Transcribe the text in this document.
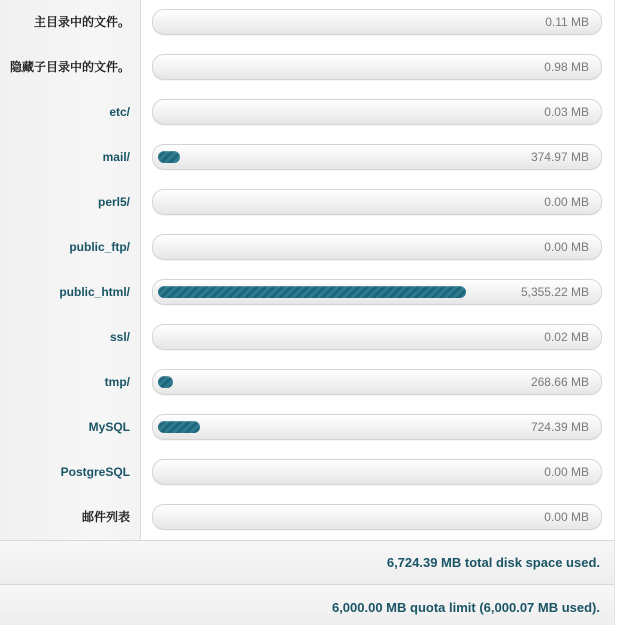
主目录中的文件。	0.11 MB
隐藏子目录中的文件。	0.98 MB
etc/	0.03 MB
mail/	374.97 MB
perl5/	0.00 MB
public_ftp/	0.00 MB
public_html/	5,355.22 MB
ssl/	0.02 MB
tmp/	268.66 MB
MySQL	724.39 MB
PostgreSQL	0.00 MB
邮件列表	0.00 MB
6,724.39 MB total disk space used.
6,000.00 MB quota limit (6,000.07 MB used).
